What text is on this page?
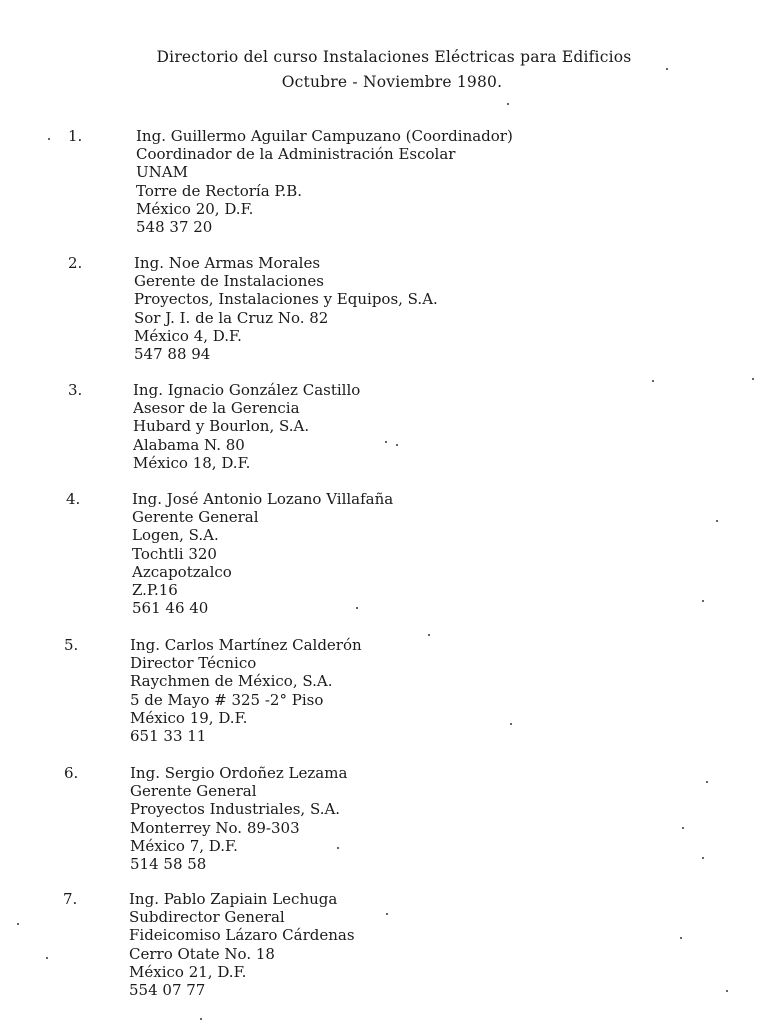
Directorio del curso Instalaciones Eléctricas para Edificios
Octubre - Noviembre 1980.
1.	Ing. Guillermo Aguilar Campuzano (Coordinador)
Coordinador de la Administración Escolar
UNAM
Torre de Rectoría P.B.
México 20, D.F.
548 37 20
2.	Ing. Noe Armas Morales
Gerente de Instalaciones
Proyectos, Instalaciones y Equipos, S.A.
Sor J. I. de la Cruz No. 82
México 4, D.F.
547 88 94
3.	Ing. Ignacio González Castillo
Asesor de la Gerencia
Hubard y Bourlon, S.A.
Alabama N. 80
México 18, D.F.
4.	Ing. José Antonio Lozano Villafaña
Gerente General
Logen, S.A.
Tochtli 320
Azcapotzalco
Z.P.16
561 46 40
5.	Ing. Carlos Martínez Calderón
Director Técnico
Raychmen de México, S.A.
5 de Mayo # 325 -2° Piso
México 19, D.F.
651 33 11
6.	Ing. Sergio Ordoñez Lezama
Gerente General
Proyectos Industriales, S.A.
Monterrey No. 89-303
México 7, D.F.
514 58 58
7.	Ing. Pablo Zapiain Lechuga
Subdirector General
Fideicomiso Lázaro Cárdenas
Cerro Otate No. 18
México 21, D.F.
554 07 77
